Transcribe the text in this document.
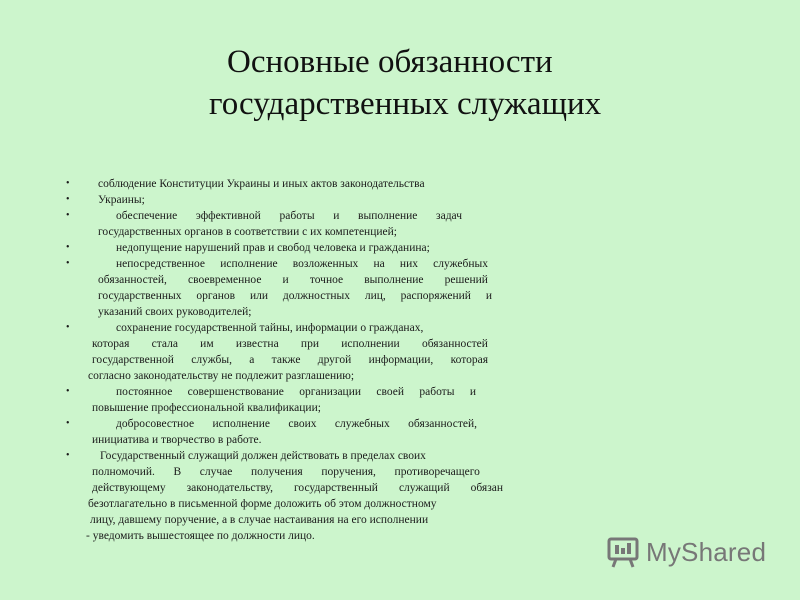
Основные обязанности
государственных служащих
• соблюдение Конституции Украины и иных актов законодательства
• Украины;
•	обеспечение эффективной работы и выполнение задач
государственных органов в соответствии с их компетенцией;
•	недопущение нарушений прав и свобод человека и гражданина;
•	непосредственное исполнение возложенных на них служебных
обязанностей, своевременное и точное выполнение решений
государственных органов или должностных лиц, распоряжений и
указаний своих руководителей;
•	сохранение государственной тайны, информации о гражданах,
которая стала им известна при исполнении обязанностей
государственной службы, а также другой информации, которая
согласно законодательству не подлежит разглашению;
•	постоянное совершенствование организации своей работы и
повышение профессиональной квалификации;
•	добросовестное исполнение своих служебных обязанностей,
инициатива и творчество в работе.
•	Государственный служащий должен действовать в пределах своих
полномочий. В случае получения поручения, противоречащего
действующему законодательству, государственный служащий обязан
безотлагательно в письменной форме доложить об этом должностному
лицу, давшему поручение, а в случае настаивания на его исполнении
- уведомить вышестоящее по должности лицо.
MyShared
